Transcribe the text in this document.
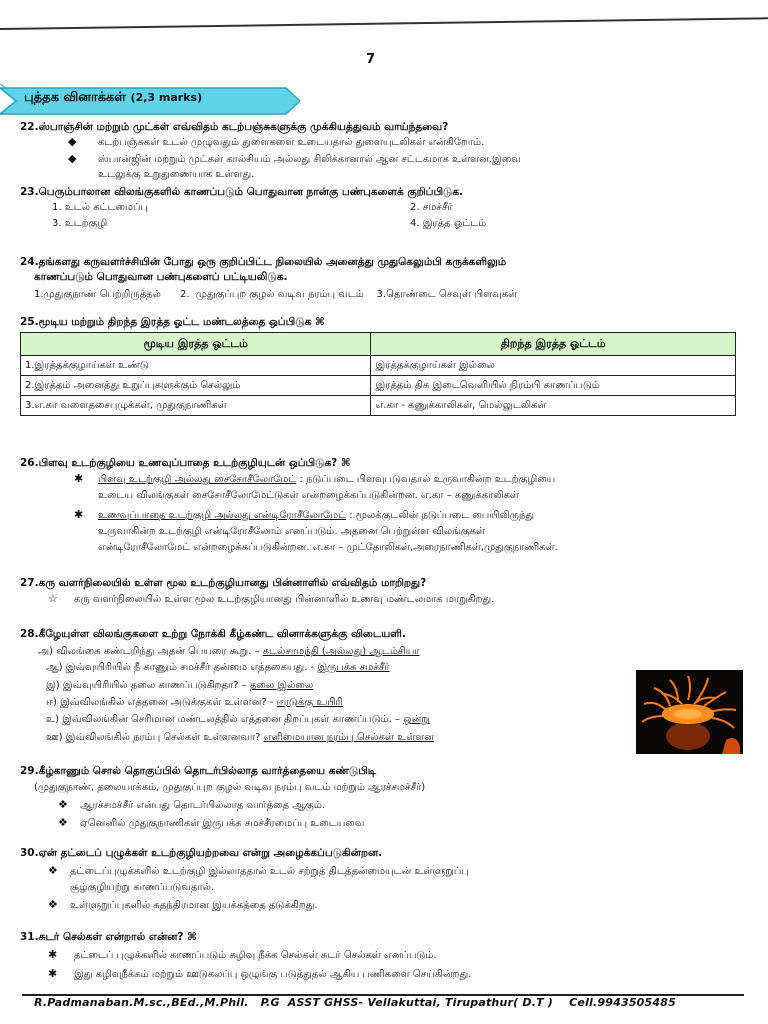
7
புத்தக வினாக்கள் (2,3 marks)
22.ஸ்பாஞ்சின் மற்றும் முட்கள் எவ்விதம் கடற்பஞ்சுகளுக்கு முக்கியத்துவம் வாய்ந்தவை?
◆ கடற்பஞ்சுகள் உடல் முழுவதும் துளைகளை உடையதால் துளையுடலிகள் என்கிறோம்.
◆ ஸ்பான்ஜின் மற்றும் முட்கள் கால்சியம் அல்லது சிலிக்கானால் ஆன சட்டகமாக உள்ளன.இவை
உடலுக்கு உறுதுணையாக உள்ளது.
23.பெரும்பாலான விலங்குகளில் காணப்படும் பொதுவான நான்கு பண்புகளைக் குறிப்பிடுக.
1. உடல் கட்டமைப்பு	2. சமச்சீர்
3. உடற்குழி	4. இரத்த ஓட்டம்
24.தங்களது கருவளர்ச்சியின் போது ஒரு குறிப்பிட்ட நிலையில் அனைத்து முதுகெலும்பி கருக்களிலும்
காணப்படும் பொதுவான பண்புகளைப் பட்டியலிடுக.
1.முதுகுநாண் பெற்றிருத்தல்      2.  முதுகுப்புற குழல் வடிவ நரம்பு வடம்    3.தொண்டை செவுள் பிளவுகள்
25.மூடிய மற்றும் திறந்த இரத்த ஓட்ட மண்டலத்தை ஒப்பிடுக ⌘
மூடிய இரத்த ஓட்டம்	திறந்த இரத்த ஓட்டம்
1.இரத்தக்குழாய்கள் உண்டு	இரத்தக்குழாய்கள் இல்லை
2.இரத்தம் அனைத்து உறுப்புகளுக்கும் செல்லும்	இரத்தம் திசு இடைவெளியில் நிரம்பி காணப்படும்
3.எ.கா வளைதசைபுழுக்கள், முதுகுநாணிகள்	எ.கா - கணுக்காலிகள், மெல்லுடலிகள்
26.பிளவு உடற்குழியை உணவுப்பாதை உடற்குழியுடன் ஒப்பிடுக? ⌘
✱ பிளவு உடற்குழி அல்லது சைசோசீலோமேட் : நடுப்படை பிளவுபடுவதால் உருவாகின்ற உடற்குழியை
உடைய விலங்குகள் சைசோசீலோமேட்டுகள் என்றழைக்கப்படுகின்றன. எ.கா – கணுக்காலிகள்
✱ உணவுப்பாதை உடற்குழி அல்லது என்டிரோசீலோமேட் : மூலக்குடலின் நடுப்படை பையிலிருந்து
உருவாகின்ற உடற்குழி என்டிரோசீலோம் எனப்படும். அதனை பெற்றுள்ள விலங்குகள்
என்டிரோசீலோமேட் என்றழைக்கப்படுகின்றன. எ.கா – முட்தோலிகள்,அரைநாணிகள்,முதுகுநாணிகள்.
27.கரு வளர்நிலையில் உள்ள மூல உடற்குழியானது பின்னாளில் எவ்விதம் மாறிறது?
☆ கரு வளர்நிலையில் உள்ள மூல உடற்குழியானது பின்னாளில் உணவு மண்டலமாக மாறுகிறது.
28.கீழேயுள்ள விலங்குகளை உற்று நோக்கி கீழ்கண்ட வினாக்களுக்கு விடையளி.
அ) விலங்கை கண்டறிந்து அதன் பெயரை கூறு. – கடல்சாமந்தி (அல்லது) ஆடம்சியா
ஆ) இவ்வுயிரியில் நீ காணும் சமச்சீர் தன்மை எத்தகையது. - இருபக்க சமச்சீர்
இ) இவ்வுயிரியில் தலை காணப்படுகிறதா? – தலை இல்லை
ஈ) இவ்விலங்கில் எத்தனை அடுக்குகள் உள்ளன? - ஈரடுக்கு உயிரி
உ) இவ்விலங்கின் செரிமான மண்டலத்தில் எத்தனை திறப்புகள் காணப்படும். – ஒன்று
ஊ) இவ்விலங்கில் நரம்பு செல்கள் உள்ளனவா? எளிமையான நரம்பு செல்கள் உள்ளன
29.கீழ்காணும் சொல் தொகுப்பில் தொடர்பில்லாத வார்த்தையை கண்டுபிடி
(முதுகுநாண், தலையாக்கம், முதுகுப்புற குழல் வடிவ நரம்பு வடம் மற்றும் ஆரச்சமச்சீர்)
❖ ஆரச்சமச்சீர் என்பது தொடர்பில்லாத வார்த்தை ஆகும்.
❖ ஏனெனில் முதுகுநாணிகள் இருபக்க சமச்சீரமைப்பு உடையவை
30.ஏன் தட்டைப் புழுக்கள் உடற்குழியற்றவை என்று அழைக்கப்படுகின்றன.
❖ தட்டைப்புழுக்களில் உடற்குழி இல்லாததால் உடல் சற்றுத் திடத்தன்மையுடன் உள்ளுறுப்பு
சூழ்குழியற்று காணப்படுவதால்.
❖ உள்ளுறுப்புகளில் சுதந்திரமான இயக்கத்தை தடுக்கிறது.
31.சுடர் செல்கள் என்றால் என்ன? ⌘
✱ தட்டைப் புழுக்களில் காணப்படும் கழிவு நீக்க செல்கள் சுடர் செல்கள் எனப்படும்.
✱ இது கழிவுநீக்கம் மற்றும் ஊடுகலப்பு ஒழுங்கு படுத்துதல் ஆகிய பணிகளை செய்கின்றது.
R.Padmanaban.M.sc.,BEd.,M.Phil.   P.G  ASST GHSS- Vellakuttai, Tirupathur( D.T )    Cell.9943505485
